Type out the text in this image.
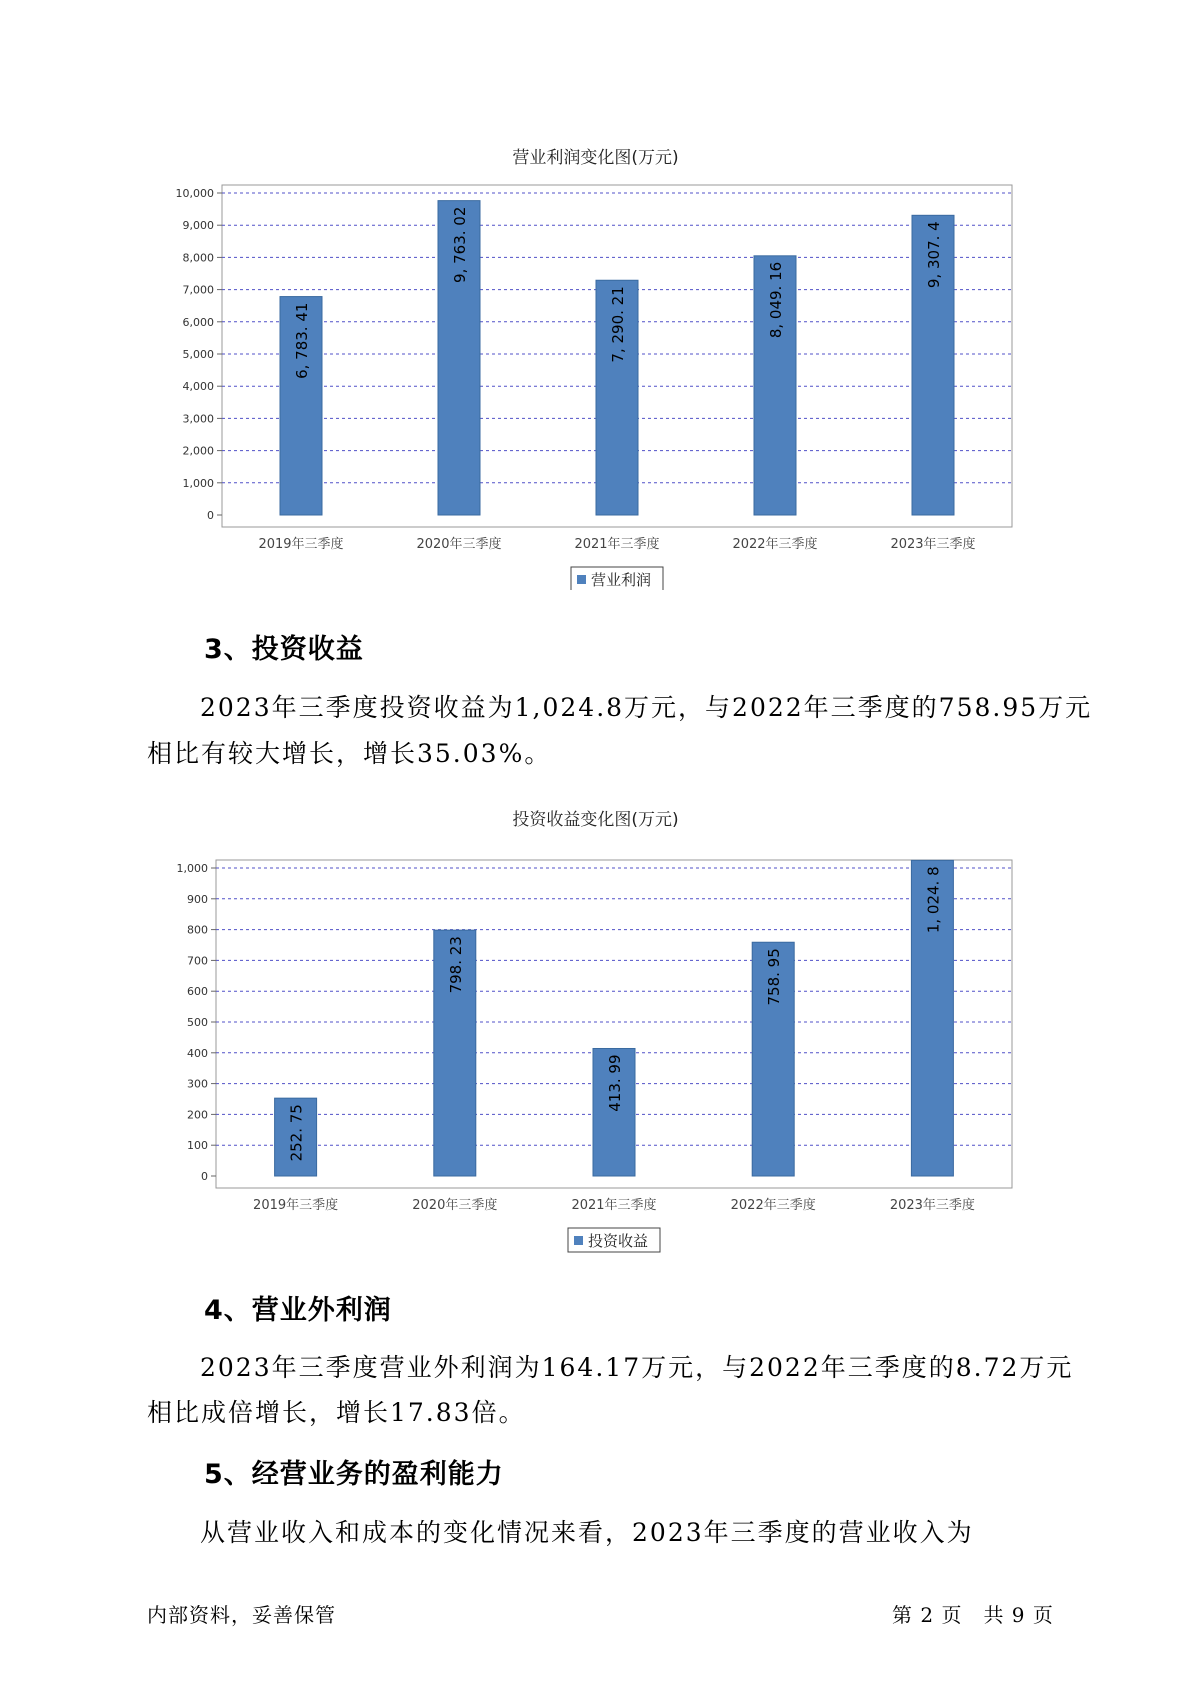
营业利润变化图(万元)
0
1,000
2,000
3,000
4,000
5,000
6,000
7,000
8,000
9,000
10,000
6, 783. 41
2019年三季度
9, 763. 02
2020年三季度
7, 290. 21
2021年三季度
8, 049. 16
2022年三季度
9, 307. 4
2023年三季度
营业利润
3、投资收益

2023年三季度投资收益为1,024.8万元，与2022年三季度的758.95万元

相比有较大增长，增长35.03%。

投资收益变化图(万元)
0
100
200
300
400
500
600
700
800
900
1,000
252. 75
2019年三季度
798. 23
2020年三季度
413. 99
2021年三季度
758. 95
2022年三季度
1, 024. 8
2023年三季度
投资收益
4、营业外利润

2023年三季度营业外利润为164.17万元，与2022年三季度的8.72万元

相比成倍增长，增长17.83倍。

5、经营业务的盈利能力

从营业收入和成本的变化情况来看，2023年三季度的营业收入为

内部资料，妥善保管	第 2 页　共 9 页
